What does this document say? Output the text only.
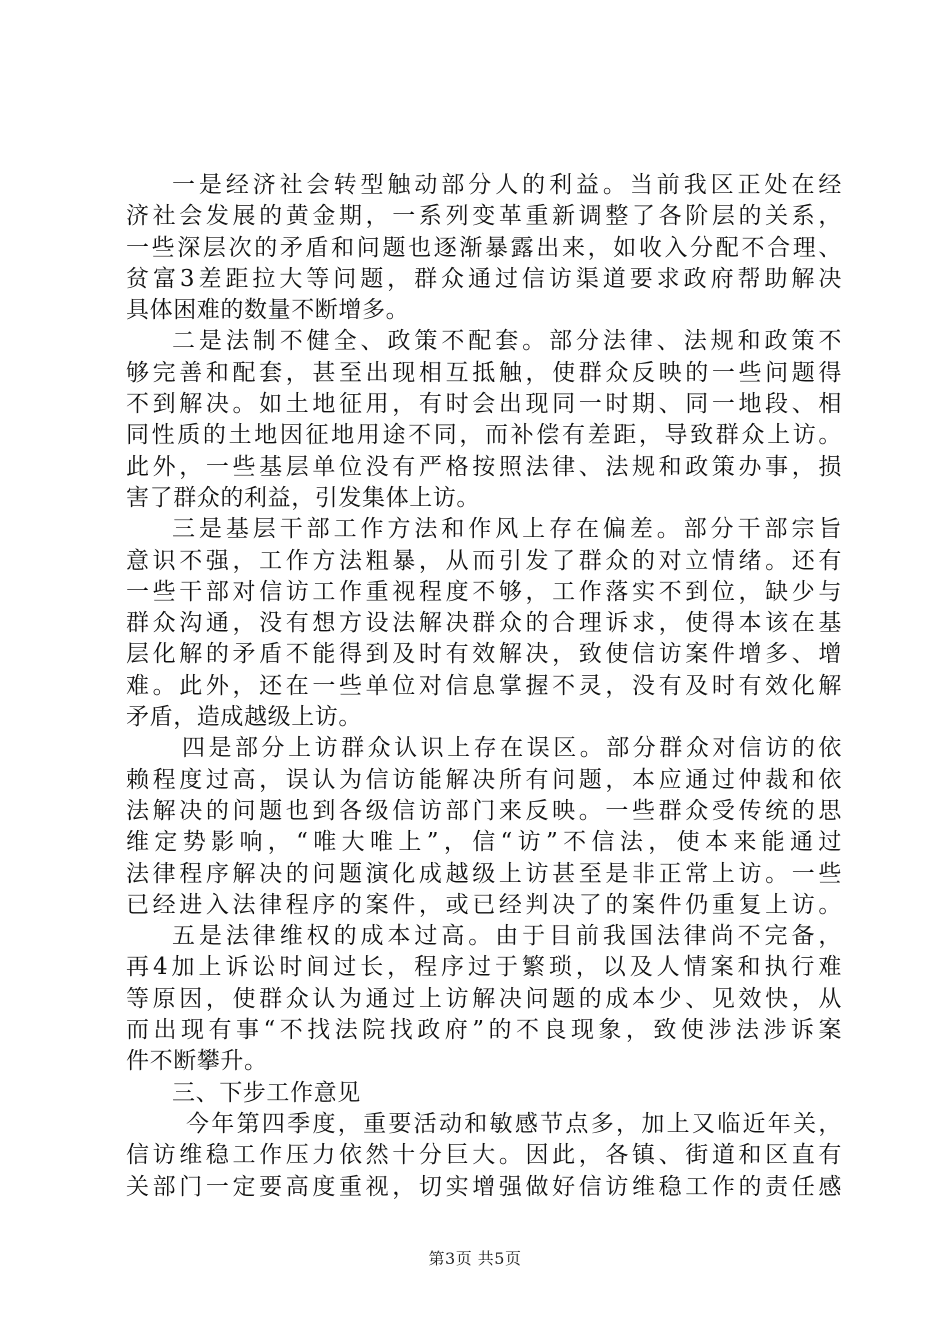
一是经济社会转型触动部分人的利益。当前我区正处在经
济社会发展的黄金期，一系列变革重新调整了各阶层的关系，
一些深层次的矛盾和问题也逐渐暴露出来，如收入分配不合理、
贫富3差距拉大等问题，群众通过信访渠道要求政府帮助解决
具体困难的数量不断增多。
二是法制不健全、政策不配套。部分法律、法规和政策不
够完善和配套，甚至出现相互抵触，使群众反映的一些问题得
不到解决。如土地征用，有时会出现同一时期、同一地段、相
同性质的土地因征地用途不同，而补偿有差距，导致群众上访。
此外，一些基层单位没有严格按照法律、法规和政策办事，损
害了群众的利益，引发集体上访。
三是基层干部工作方法和作风上存在偏差。部分干部宗旨
意识不强，工作方法粗暴，从而引发了群众的对立情绪。还有
一些干部对信访工作重视程度不够，工作落实不到位，缺少与
群众沟通，没有想方设法解决群众的合理诉求，使得本该在基
层化解的矛盾不能得到及时有效解决，致使信访案件增多、增
难。此外，还在一些单位对信息掌握不灵，没有及时有效化解
矛盾，造成越级上访。
四是部分上访群众认识上存在误区。部分群众对信访的依
赖程度过高，误认为信访能解决所有问题，本应通过仲裁和依
法解决的问题也到各级信访部门来反映。一些群众受传统的思
维定势影响，“唯大唯上”，信“访”不信法，使本来能通过
法律程序解决的问题演化成越级上访甚至是非正常上访。一些
已经进入法律程序的案件，或已经判决了的案件仍重复上访。
五是法律维权的成本过高。由于目前我国法律尚不完备，
再4加上诉讼时间过长，程序过于繁琐，以及人情案和执行难
等原因，使群众认为通过上访解决问题的成本少、见效快，从
而出现有事“不找法院找政府”的不良现象，致使涉法涉诉案
件不断攀升。
三、下步工作意见
今年第四季度，重要活动和敏感节点多，加上又临近年关，
信访维稳工作压力依然十分巨大。因此，各镇、街道和区直有
关部门一定要高度重视，切实增强做好信访维稳工作的责任感
第3页 共5页
